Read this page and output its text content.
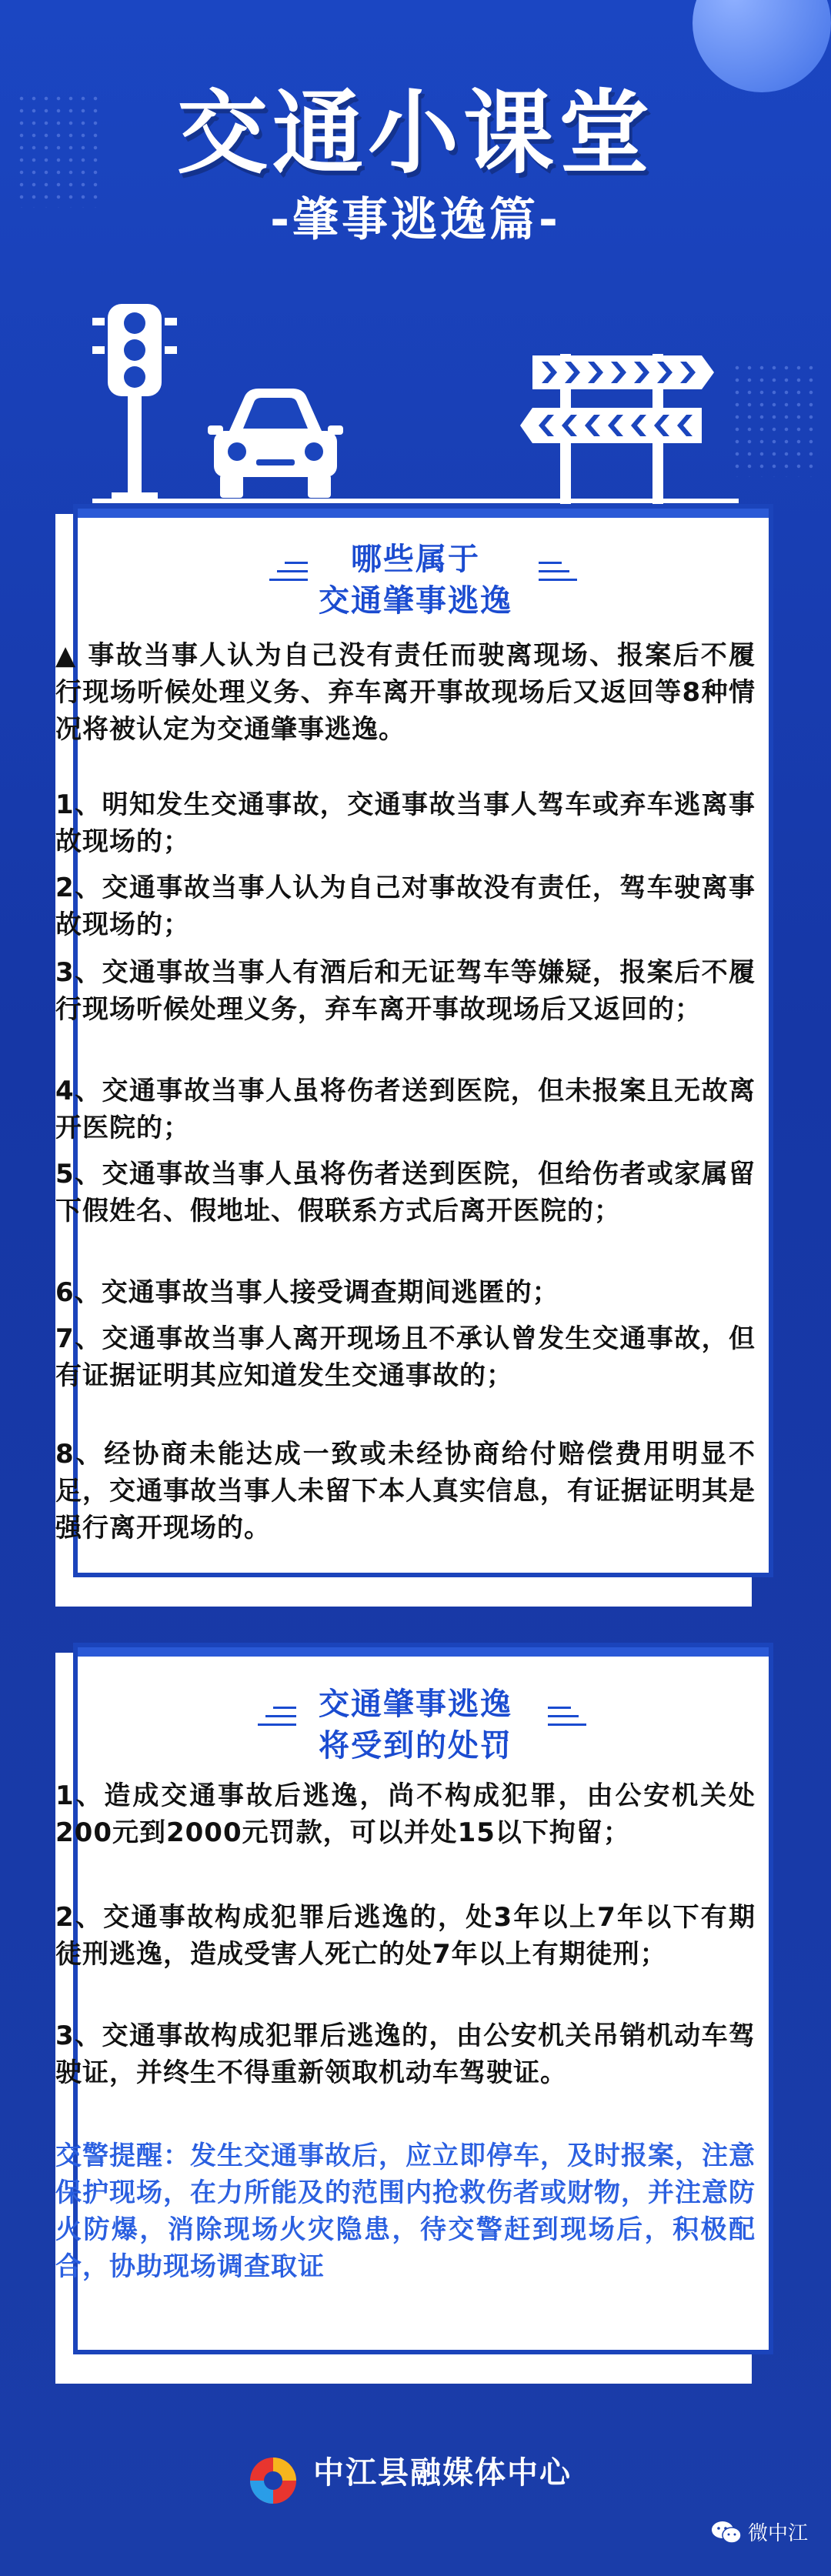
交通小课堂
-肇事逃逸篇-
哪些属于
交通肇事逃逸
▲ 事故当事人认为自己没有责任而驶离现场、报案后不履行现场听候处理义务、弃车离开事故现场后又返回等8种情况将被认定为交通肇事逃逸。
1、明知发生交通事故，交通事故当事人驾车或弃车逃离事故现场的；
2、交通事故当事人认为自己对事故没有责任，驾车驶离事故现场的；
3、交通事故当事人有酒后和无证驾车等嫌疑，报案后不履行现场听候处理义务，弃车离开事故现场后又返回的；
4、交通事故当事人虽将伤者送到医院，但未报案且无故离开医院的；
5、交通事故当事人虽将伤者送到医院，但给伤者或家属留下假姓名、假地址、假联系方式后离开医院的；
6、交通事故当事人接受调查期间逃匿的；
7、交通事故当事人离开现场且不承认曾发生交通事故，但有证据证明其应知道发生交通事故的；
8、经协商未能达成一致或未经协商给付赔偿费用明显不足，交通事故当事人未留下本人真实信息，有证据证明其是强行离开现场的。
交通肇事逃逸
将受到的处罚
1、造成交通事故后逃逸，尚不构成犯罪，由公安机关处200元到2000元罚款，可以并处15以下拘留；
2、交通事故构成犯罪后逃逸的，处3年以上7年以下有期徒刑逃逸，造成受害人死亡的处7年以上有期徒刑；
3、交通事故构成犯罪后逃逸的，由公安机关吊销机动车驾驶证，并终生不得重新领取机动车驾驶证。
交警提醒：发生交通事故后，应立即停车，及时报案，注意保护现场，在力所能及的范围内抢救伤者或财物，并注意防火防爆，消除现场火灾隐患，待交警赶到现场后，积极配合，协助现场调查取证
中江县融媒体中心
微中江
